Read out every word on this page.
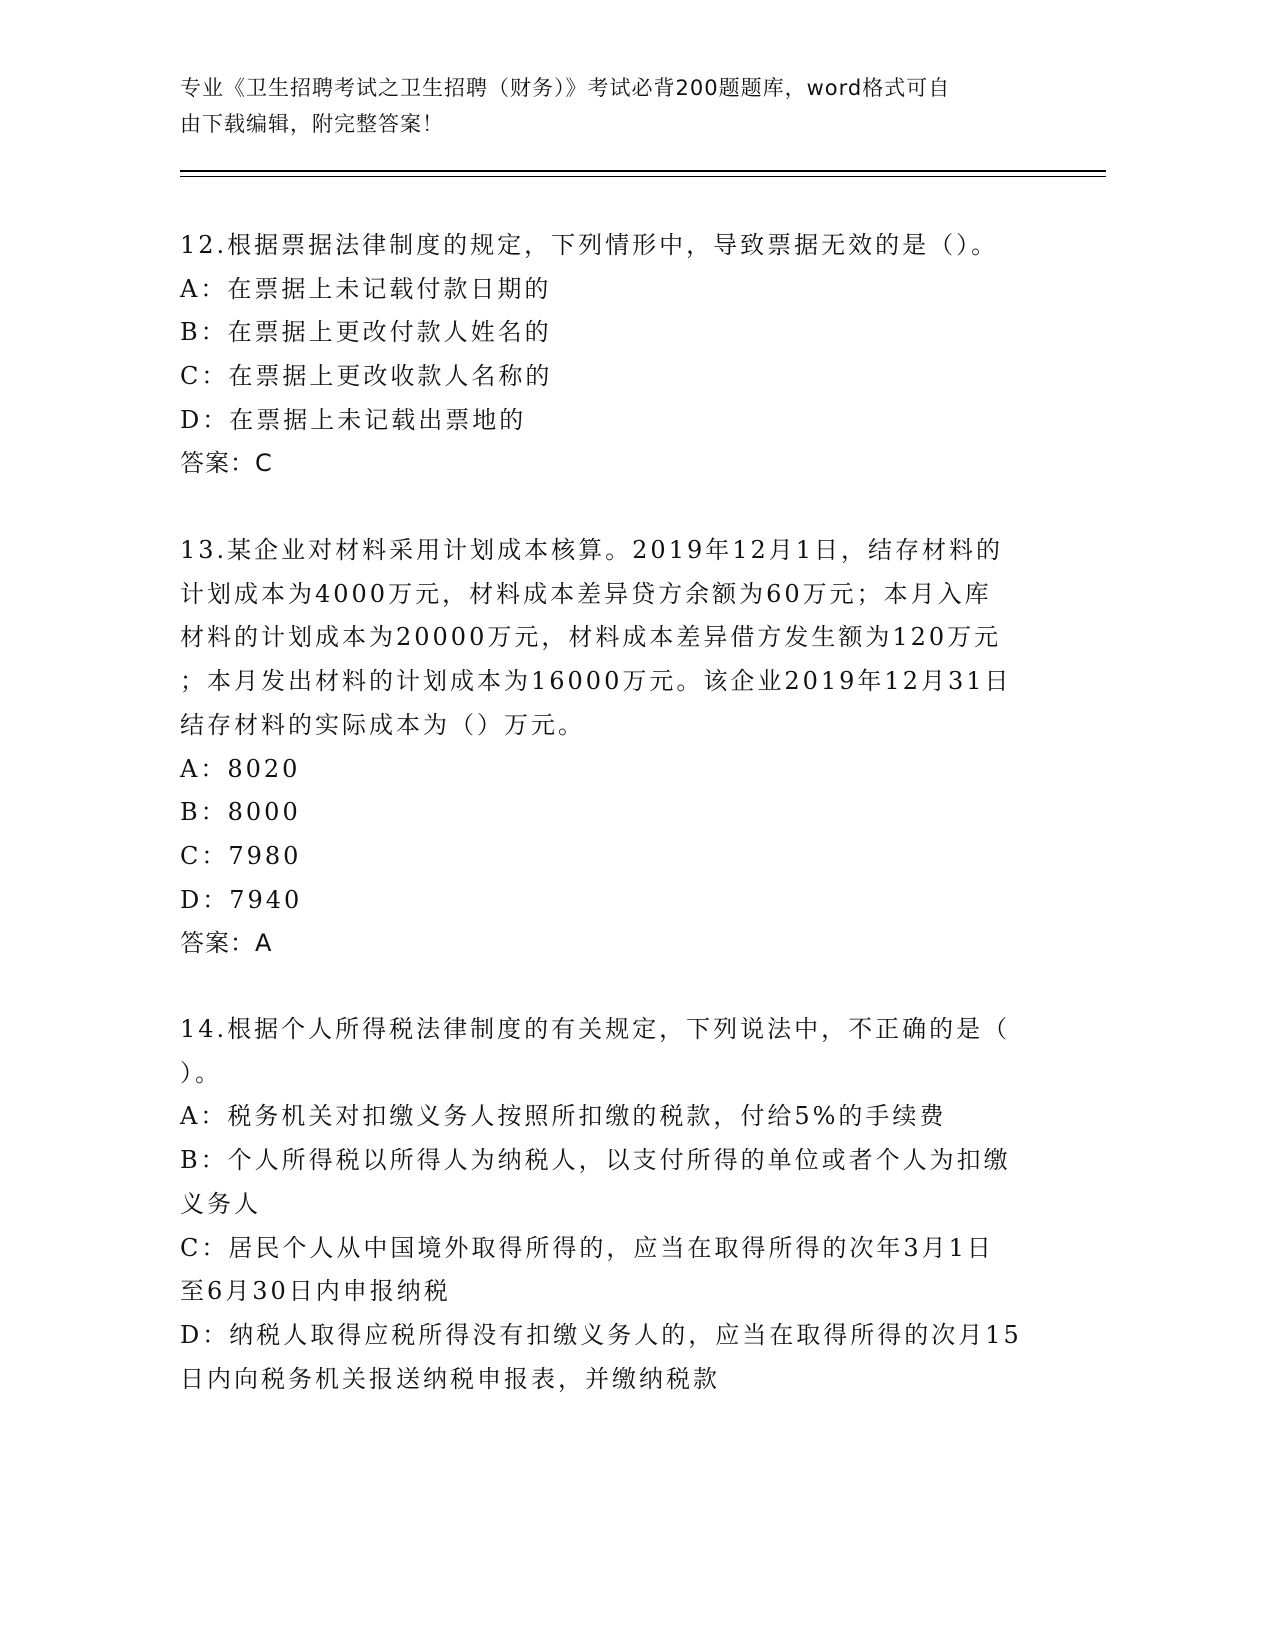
专业《卫生招聘考试之卫生招聘（财务）》考试必背200题题库，word格式可自
由下载编辑，附完整答案！
12.根据票据法律制度的规定，下列情形中，导致票据无效的是（）。
A：在票据上未记载付款日期的
B：在票据上更改付款人姓名的
C：在票据上更改收款人名称的
D：在票据上未记载出票地的
答案：C
13.某企业对材料采用计划成本核算。2019年12月1日，结存材料的
计划成本为4000万元，材料成本差异贷方余额为60万元；本月入库
材料的计划成本为20000万元，材料成本差异借方发生额为120万元
；本月发出材料的计划成本为16000万元。该企业2019年12月31日
结存材料的实际成本为（）万元。
A：8020
B：8000
C：7980
D：7940
答案：A
14.根据个人所得税法律制度的有关规定，下列说法中，不正确的是（
）。
A：税务机关对扣缴义务人按照所扣缴的税款，付给5%的手续费
B：个人所得税以所得人为纳税人，以支付所得的单位或者个人为扣缴
义务人
C：居民个人从中国境外取得所得的，应当在取得所得的次年3月1日
至6月30日内申报纳税
D：纳税人取得应税所得没有扣缴义务人的，应当在取得所得的次月15
日内向税务机关报送纳税申报表，并缴纳税款
